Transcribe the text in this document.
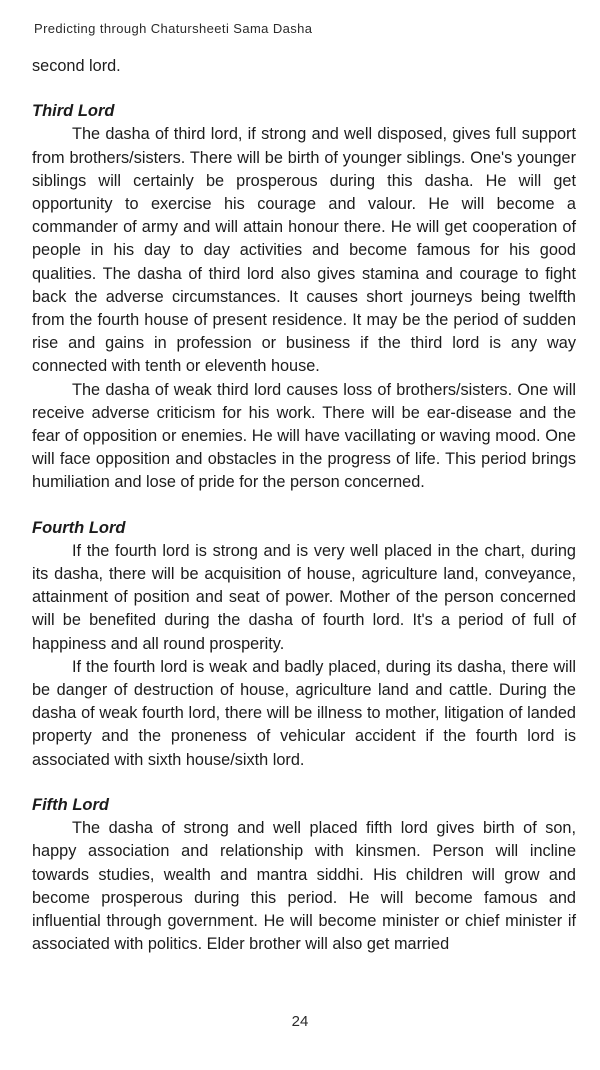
Predicting through Chatursheeti Sama Dasha

second lord.

Third Lord

The dasha of third lord, if strong and well disposed, gives full support from brothers/sisters. There will be birth of younger siblings. One's younger siblings will certainly be prosperous during this dasha. He will get opportunity to exercise his courage and valour. He will become a commander of army and will attain honour there. He will get cooperation of people in his day to day activities and become famous for his good qualities. The dasha of third lord also gives stamina and courage to fight back the adverse circumstances. It causes short journeys being twelfth from the fourth house of present residence. It may be the period of sudden rise and gains in profession or business if the third lord is any way connected with tenth or eleventh house.

The dasha of weak third lord causes loss of brothers/sisters. One will receive adverse criticism for his work. There will be ear-disease and the fear of opposition or enemies. He will have vacillating or waving mood. One will face opposition and obstacles in the progress of life. This period brings humiliation and lose of pride for the person concerned.

Fourth Lord

If the fourth lord is strong and is very well placed in the chart, during its dasha, there will be acquisition of house, agriculture land, conveyance, attainment of position and seat of power. Mother of the person concerned will be benefited during the dasha of fourth lord. It's a period of full of happiness and all round prosperity.

If the fourth lord is weak and badly placed, during its dasha, there will be danger of destruction of house, agriculture land and cattle. During the dasha of weak fourth lord, there will be illness to mother, litigation of landed property and the proneness of vehicular accident if the fourth lord is associated with sixth house/sixth lord.

Fifth Lord

The dasha of strong and well placed fifth lord gives birth of son, happy association and relationship with kinsmen. Person will incline towards studies, wealth and mantra siddhi. His children will grow and become prosperous during this period. He will become famous and influential through government. He will become minister or chief minister if associated with politics. Elder brother will also get married

24
